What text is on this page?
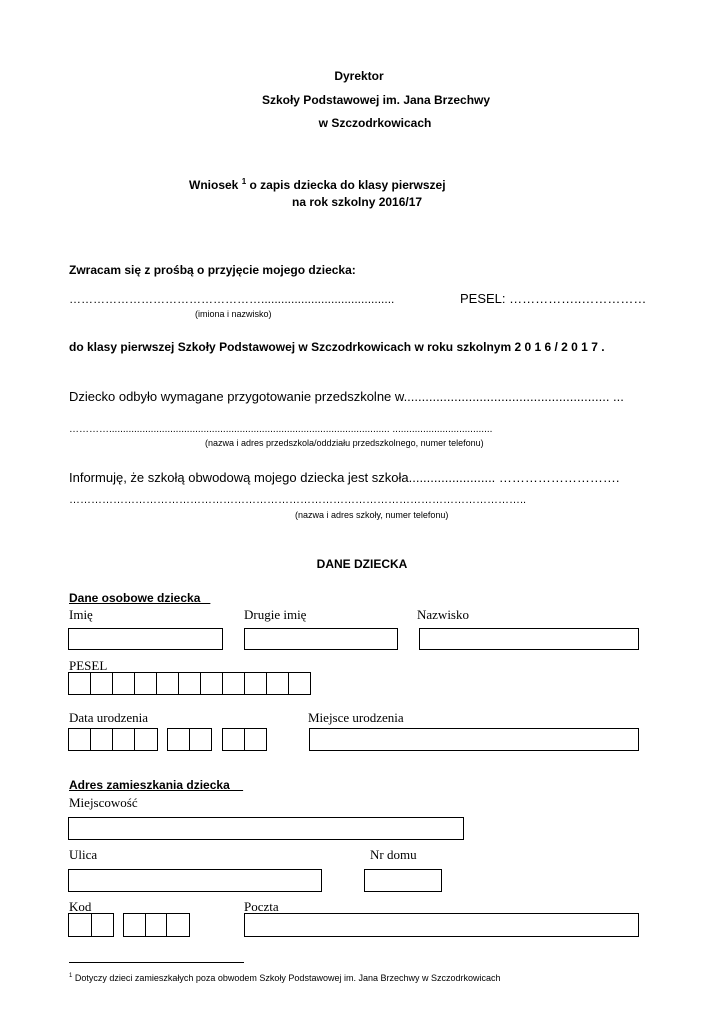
Dyrektor
Szkoły Podstawowej im. Jana Brzechwy
w Szczodrkowicach
Wniosek $^1$ o zapis dziecka do klasy pierwszej
na rok szkolny 2016/17
Zwracam się z prośbą o przyjęcie mojego dziecka:
…………………………………………........................................	PESEL: ……………..……………
(imiona i nazwisko)
do klasy pierwszej Szkoły Podstawowej w Szczodrkowicach w roku szkolnym 2 0 1 6 / 2 0 1 7 .
Dziecko odbyło wymagane przygotowanie przedszkolne w......................................................... ...
…………..................................................................................................... ....................................
(nazwa i adres przedszkola/oddziału przedszkolnego, numer telefonu)
Informuję, że szkołą obwodową mojego dziecka jest szkoła........................ ……………………….
……………………………………………………………………………………………………………..
(nazwa i adres szkoły, numer telefonu)
DANE DZIECKA
Dane osobowe dziecka
Imię	Drugie imię	Nazwisko
PESEL
Data urodzenia	Miejsce urodzenia
Adres zamieszkania dziecka
Miejscowość
Ulica	Nr domu
Kod	Poczta
$^1$ Dotyczy dzieci zamieszkałych poza obwodem Szkoły Podstawowej im. Jana Brzechwy w Szczodrkowicach
